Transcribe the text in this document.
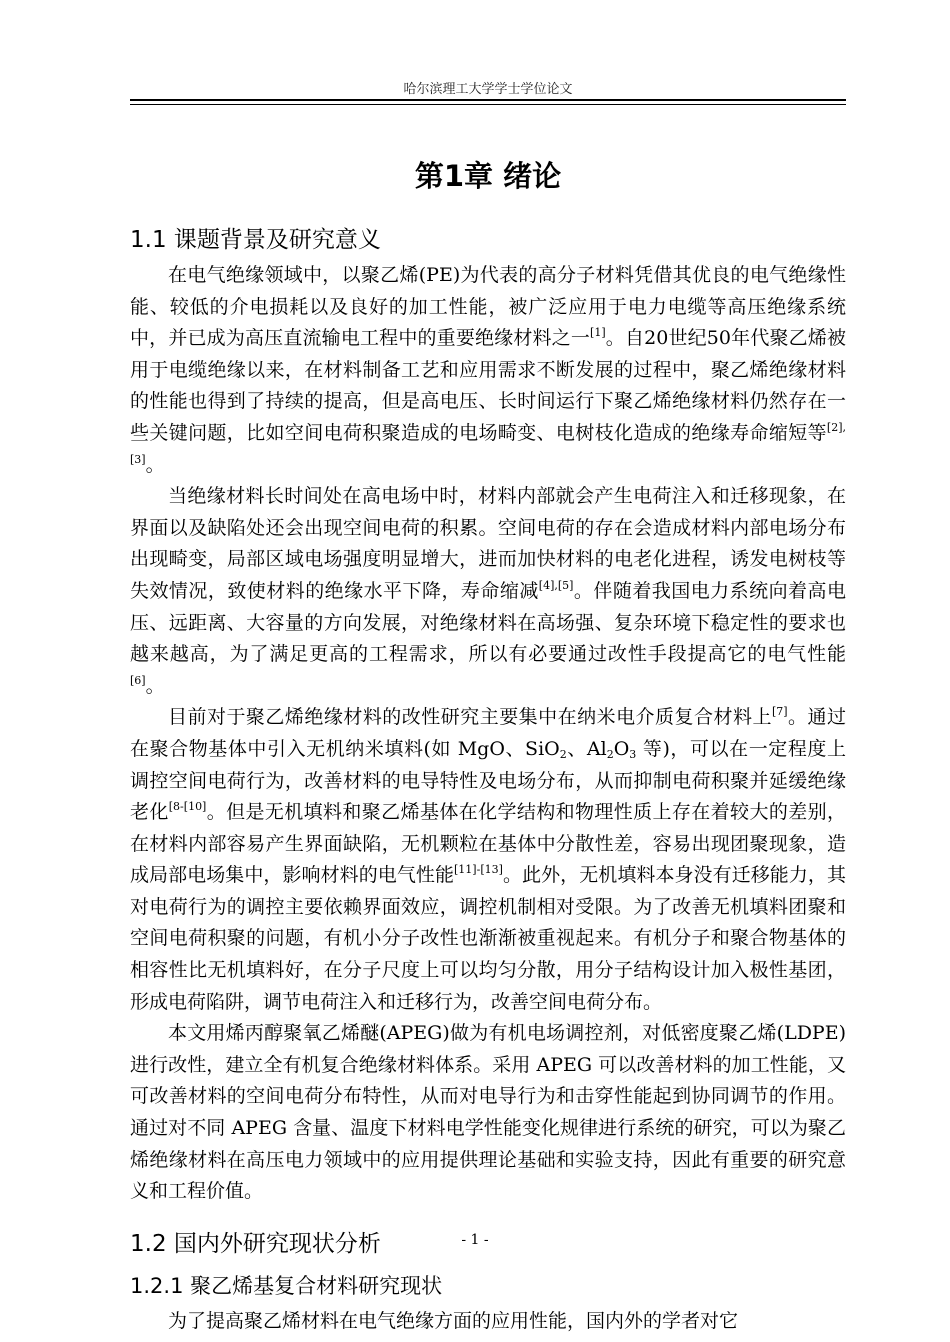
哈尔滨理工大学学士学位论文
第1章 绪论
1.1 课题背景及研究意义

在电气绝缘领域中，以聚乙烯(PE)为代表的高分子材料凭借其优良的电气绝缘性能、较低的介电损耗以及良好的加工性能，被广泛应用于电力电缆等高压绝缘系统中，并已成为高压直流输电工程中的重要绝缘材料之一[1]。自20世纪50年代聚乙烯被用于电缆绝缘以来，在材料制备工艺和应用需求不断发展的过程中，聚乙烯绝缘材料的性能也得到了持续的提高，但是高电压、长时间运行下聚乙烯绝缘材料仍然存在一些关键问题，比如空间电荷积聚造成的电场畸变、电树枝化造成的绝缘寿命缩短等[2],[3]。

当绝缘材料长时间处在高电场中时，材料内部就会产生电荷注入和迁移现象，在界面以及缺陷处还会出现空间电荷的积累。空间电荷的存在会造成材料内部电场分布出现畸变，局部区域电场强度明显增大，进而加快材料的电老化进程，诱发电树枝等失效情况，致使材料的绝缘水平下降，寿命缩减[4],[5]。伴随着我国电力系统向着高电压、远距离、大容量的方向发展，对绝缘材料在高场强、复杂环境下稳定性的要求也越来越高，为了满足更高的工程需求，所以有必要通过改性手段提高它的电气性能[6]。

目前对于聚乙烯绝缘材料的改性研究主要集中在纳米电介质复合材料上[7]。通过在聚合物基体中引入无机纳米填料(如 MgO、SiO$_2$、$Al_2O_3$ 等)，可以在一定程度上调控空间电荷行为，改善材料的电导特性及电场分布，从而抑制电荷积聚并延缓绝缘老化[8-[10]。但是无机填料和聚乙烯基体在化学结构和物理性质上存在着较大的差别，在材料内部容易产生界面缺陷，无机颗粒在基体中分散性差，容易出现团聚现象，造成局部电场集中，影响材料的电气性能[11]-[13]。此外，无机填料本身没有迁移能力，其对电荷行为的调控主要依赖界面效应，调控机制相对受限。为了改善无机填料团聚和空间电荷积聚的问题，有机小分子改性也渐渐被重视起来。有机分子和聚合物基体的相容性比无机填料好，在分子尺度上可以均匀分散，用分子结构设计加入极性基团，形成电荷陷阱，调节电荷注入和迁移行为，改善空间电荷分布。

本文用烯丙醇聚氧乙烯醚(APEG)做为有机电场调控剂，对低密度聚乙烯(LDPE)进行改性，建立全有机复合绝缘材料体系。采用 APEG 可以改善材料的加工性能，又可改善材料的空间电荷分布特性，从而对电导行为和击穿性能起到协同调节的作用。通过对不同 APEG 含量、温度下材料电学性能变化规律进行系统的研究，可以为聚乙烯绝缘材料在高压电力领域中的应用提供理论基础和实验支持，因此有重要的研究意义和工程价值。

1.2 国内外研究现状分析
1.2.1 聚乙烯基复合材料研究现状

为了提高聚乙烯材料在电气绝缘方面的应用性能，国内外的学者对它

- 1 -
